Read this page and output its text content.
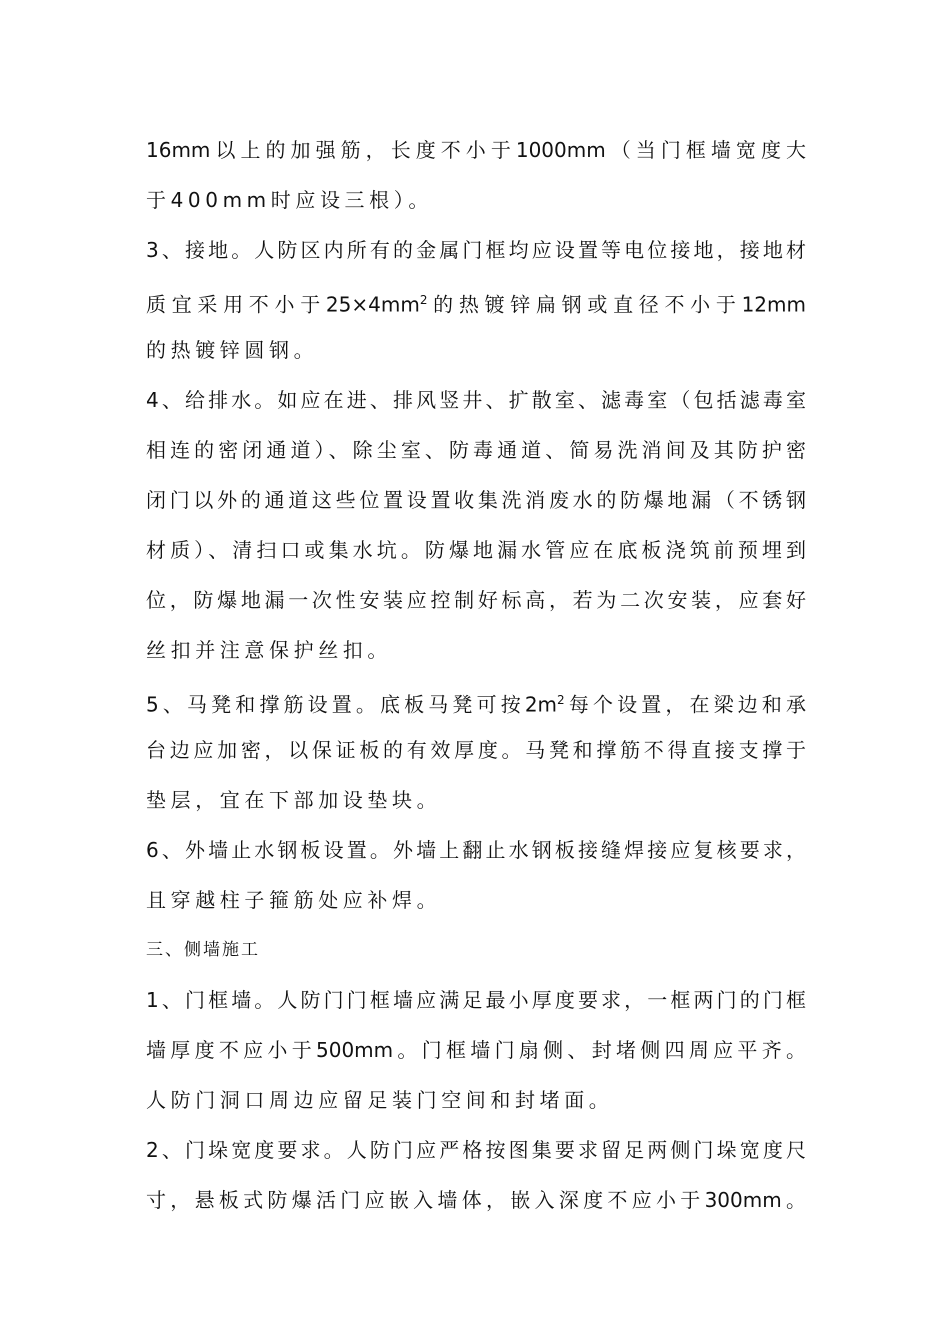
16mm以上的加强筋，长度不小于1000mm（当门框墙宽度大
于400mm时应设三根）。
3、接地。人防区内所有的金属门框均应设置等电位接地，接地材
质宜采用不小于$25\times 4mm^2$的热镀锌扁钢或直径不小于12mm
的热镀锌圆钢。
4、给排水。如应在进、排风竖井、扩散室、滤毒室（包括滤毒室
相连的密闭通道）、除尘室、防毒通道、简易洗消间及其防护密
闭门以外的通道这些位置设置收集洗消废水的防爆地漏（不锈钢
材质）、清扫口或集水坑。防爆地漏水管应在底板浇筑前预埋到
位，防爆地漏一次性安装应控制好标高，若为二次安装，应套好
丝扣并注意保护丝扣。
5、马凳和撑筋设置。底板马凳可按$2m^2$每个设置，在梁边和承
台边应加密，以保证板的有效厚度。马凳和撑筋不得直接支撑于
垫层，宜在下部加设垫块。
6、外墙止水钢板设置。外墙上翻止水钢板接缝焊接应复核要求，
且穿越柱子箍筋处应补焊。
三、侧墙施工
1、门框墙。人防门门框墙应满足最小厚度要求，一框两门的门框
墙厚度不应小于500mm。门框墙门扇侧、封堵侧四周应平齐。
人防门洞口周边应留足装门空间和封堵面。
2、门垛宽度要求。人防门应严格按图集要求留足两侧门垛宽度尺
寸，悬板式防爆活门应嵌入墙体，嵌入深度不应小于300mm。
